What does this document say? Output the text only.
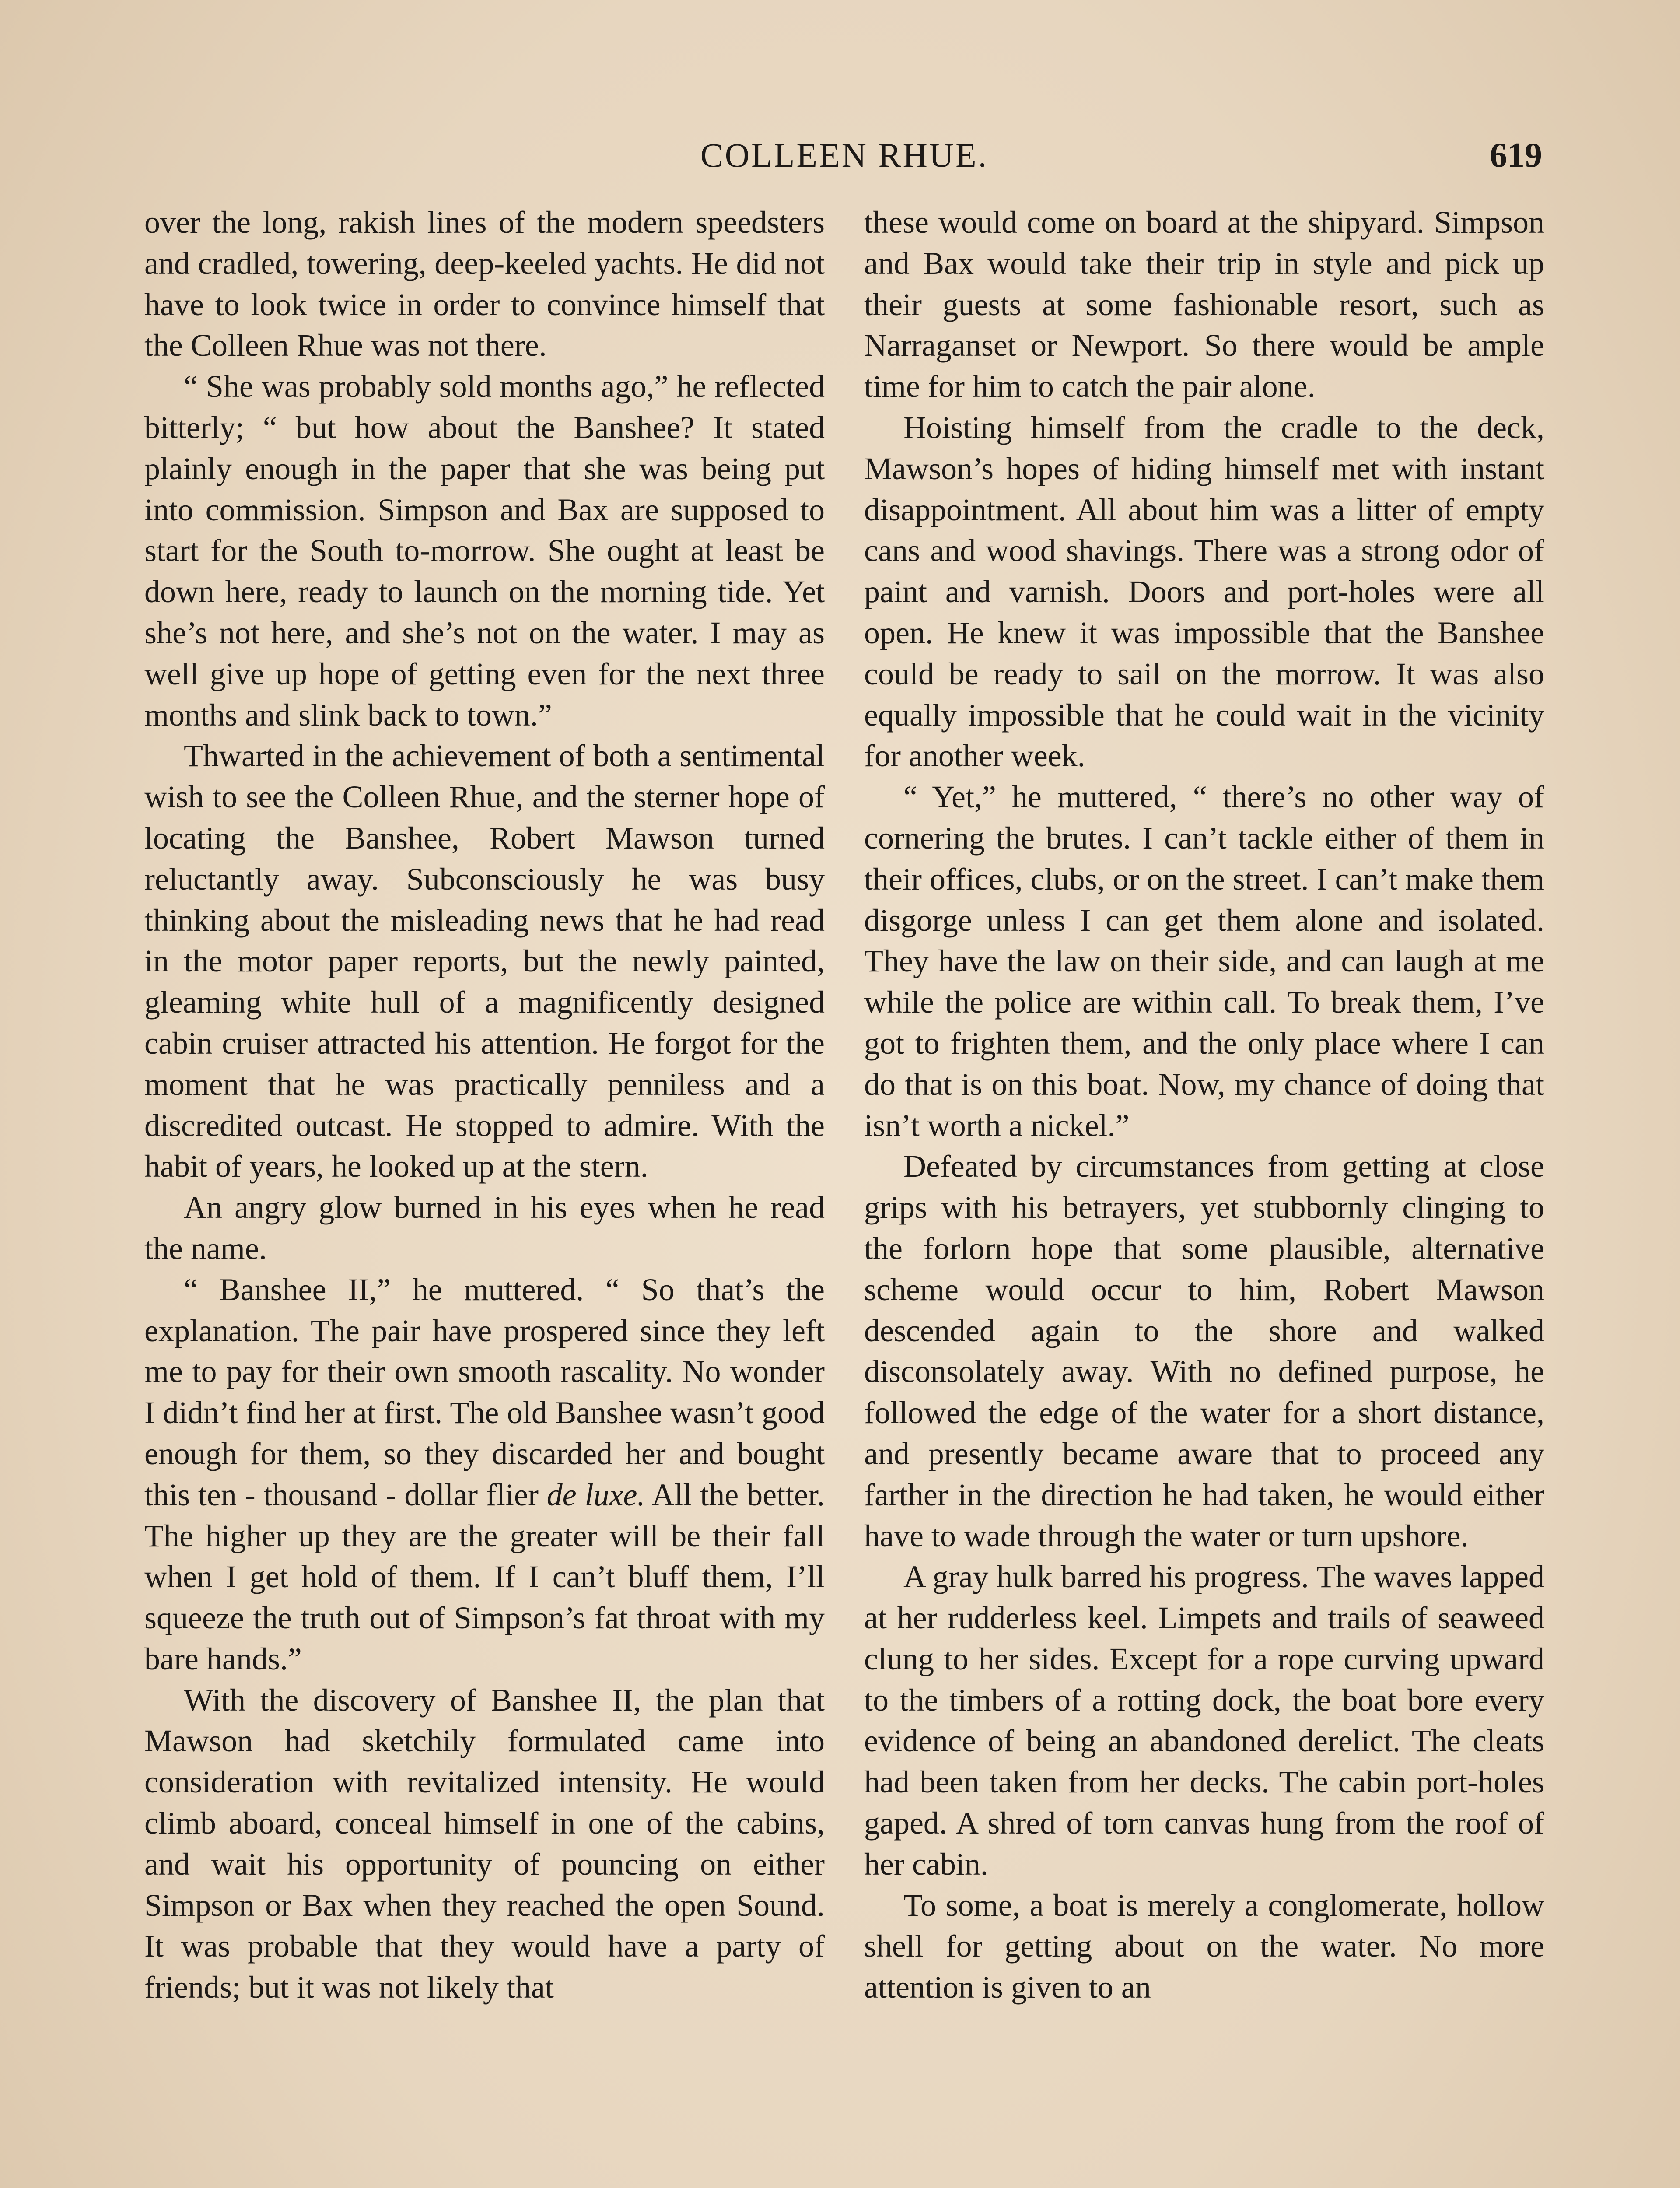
COLLEEN RHUE.	619

over the long, rakish lines of the modern speedsters and cradled, towering, deep-keeled yachts. He did not have to look twice in order to convince himself that the Colleen Rhue was not there.

“ She was probably sold months ago,” he reflected bitterly; “ but how about the Banshee? It stated plainly enough in the paper that she was being put into commission. Simpson and Bax are supposed to start for the South to-morrow. She ought at least be down here, ready to launch on the morning tide. Yet she’s not here, and she’s not on the water. I may as well give up hope of getting even for the next three months and slink back to town.”

Thwarted in the achievement of both a sentimental wish to see the Colleen Rhue, and the sterner hope of locating the Banshee, Robert Mawson turned reluctantly away. Subconsciously he was busy thinking about the misleading news that he had read in the motor paper reports, but the newly painted, gleaming white hull of a magnificently designed cabin cruiser attracted his attention. He forgot for the moment that he was practically penniless and a discredited outcast. He stopped to admire. With the habit of years, he looked up at the stern.

An angry glow burned in his eyes when he read the name.

“ Banshee II,” he muttered. “ So that’s the explanation. The pair have prospered since they left me to pay for their own smooth rascality. No wonder I didn’t find her at first. The old Banshee wasn’t good enough for them, so they discarded her and bought this ten - thousand - dollar flier de luxe. All the better. The higher up they are the greater will be their fall when I get hold of them. If I can’t bluff them, I’ll squeeze the truth out of Simpson’s fat throat with my bare hands.”

With the discovery of Banshee II, the plan that Mawson had sketchily formulated came into consideration with revitalized intensity. He would climb aboard, conceal himself in one of the cabins, and wait his opportunity of pouncing on either Simpson or Bax when they reached the open Sound. It was probable that they would have a party of friends; but it was not likely that

these would come on board at the shipyard. Simpson and Bax would take their trip in style and pick up their guests at some fashionable resort, such as Narraganset or Newport. So there would be ample time for him to catch the pair alone.

Hoisting himself from the cradle to the deck, Mawson’s hopes of hiding himself met with instant disappointment. All about him was a litter of empty cans and wood shavings. There was a strong odor of paint and varnish. Doors and port-holes were all open. He knew it was impossible that the Banshee could be ready to sail on the morrow. It was also equally impossible that he could wait in the vicinity for another week.

“ Yet,” he muttered, “ there’s no other way of cornering the brutes. I can’t tackle either of them in their offices, clubs, or on the street. I can’t make them disgorge unless I can get them alone and isolated. They have the law on their side, and can laugh at me while the police are within call. To break them, I’ve got to frighten them, and the only place where I can do that is on this boat. Now, my chance of doing that isn’t worth a nickel.”

Defeated by circumstances from getting at close grips with his betrayers, yet stubbornly clinging to the forlorn hope that some plausible, alternative scheme would occur to him, Robert Mawson descended again to the shore and walked disconsolately away. With no defined purpose, he followed the edge of the water for a short distance, and presently became aware that to proceed any farther in the direction he had taken, he would either have to wade through the water or turn upshore.

A gray hulk barred his progress. The waves lapped at her rudderless keel. Limpets and trails of seaweed clung to her sides. Except for a rope curving upward to the timbers of a rotting dock, the boat bore every evidence of being an abandoned derelict. The cleats had been taken from her decks. The cabin port-holes gaped. A shred of torn canvas hung from the roof of her cabin.

To some, a boat is merely a conglomerate, hollow shell for getting about on the water. No more attention is given to an
